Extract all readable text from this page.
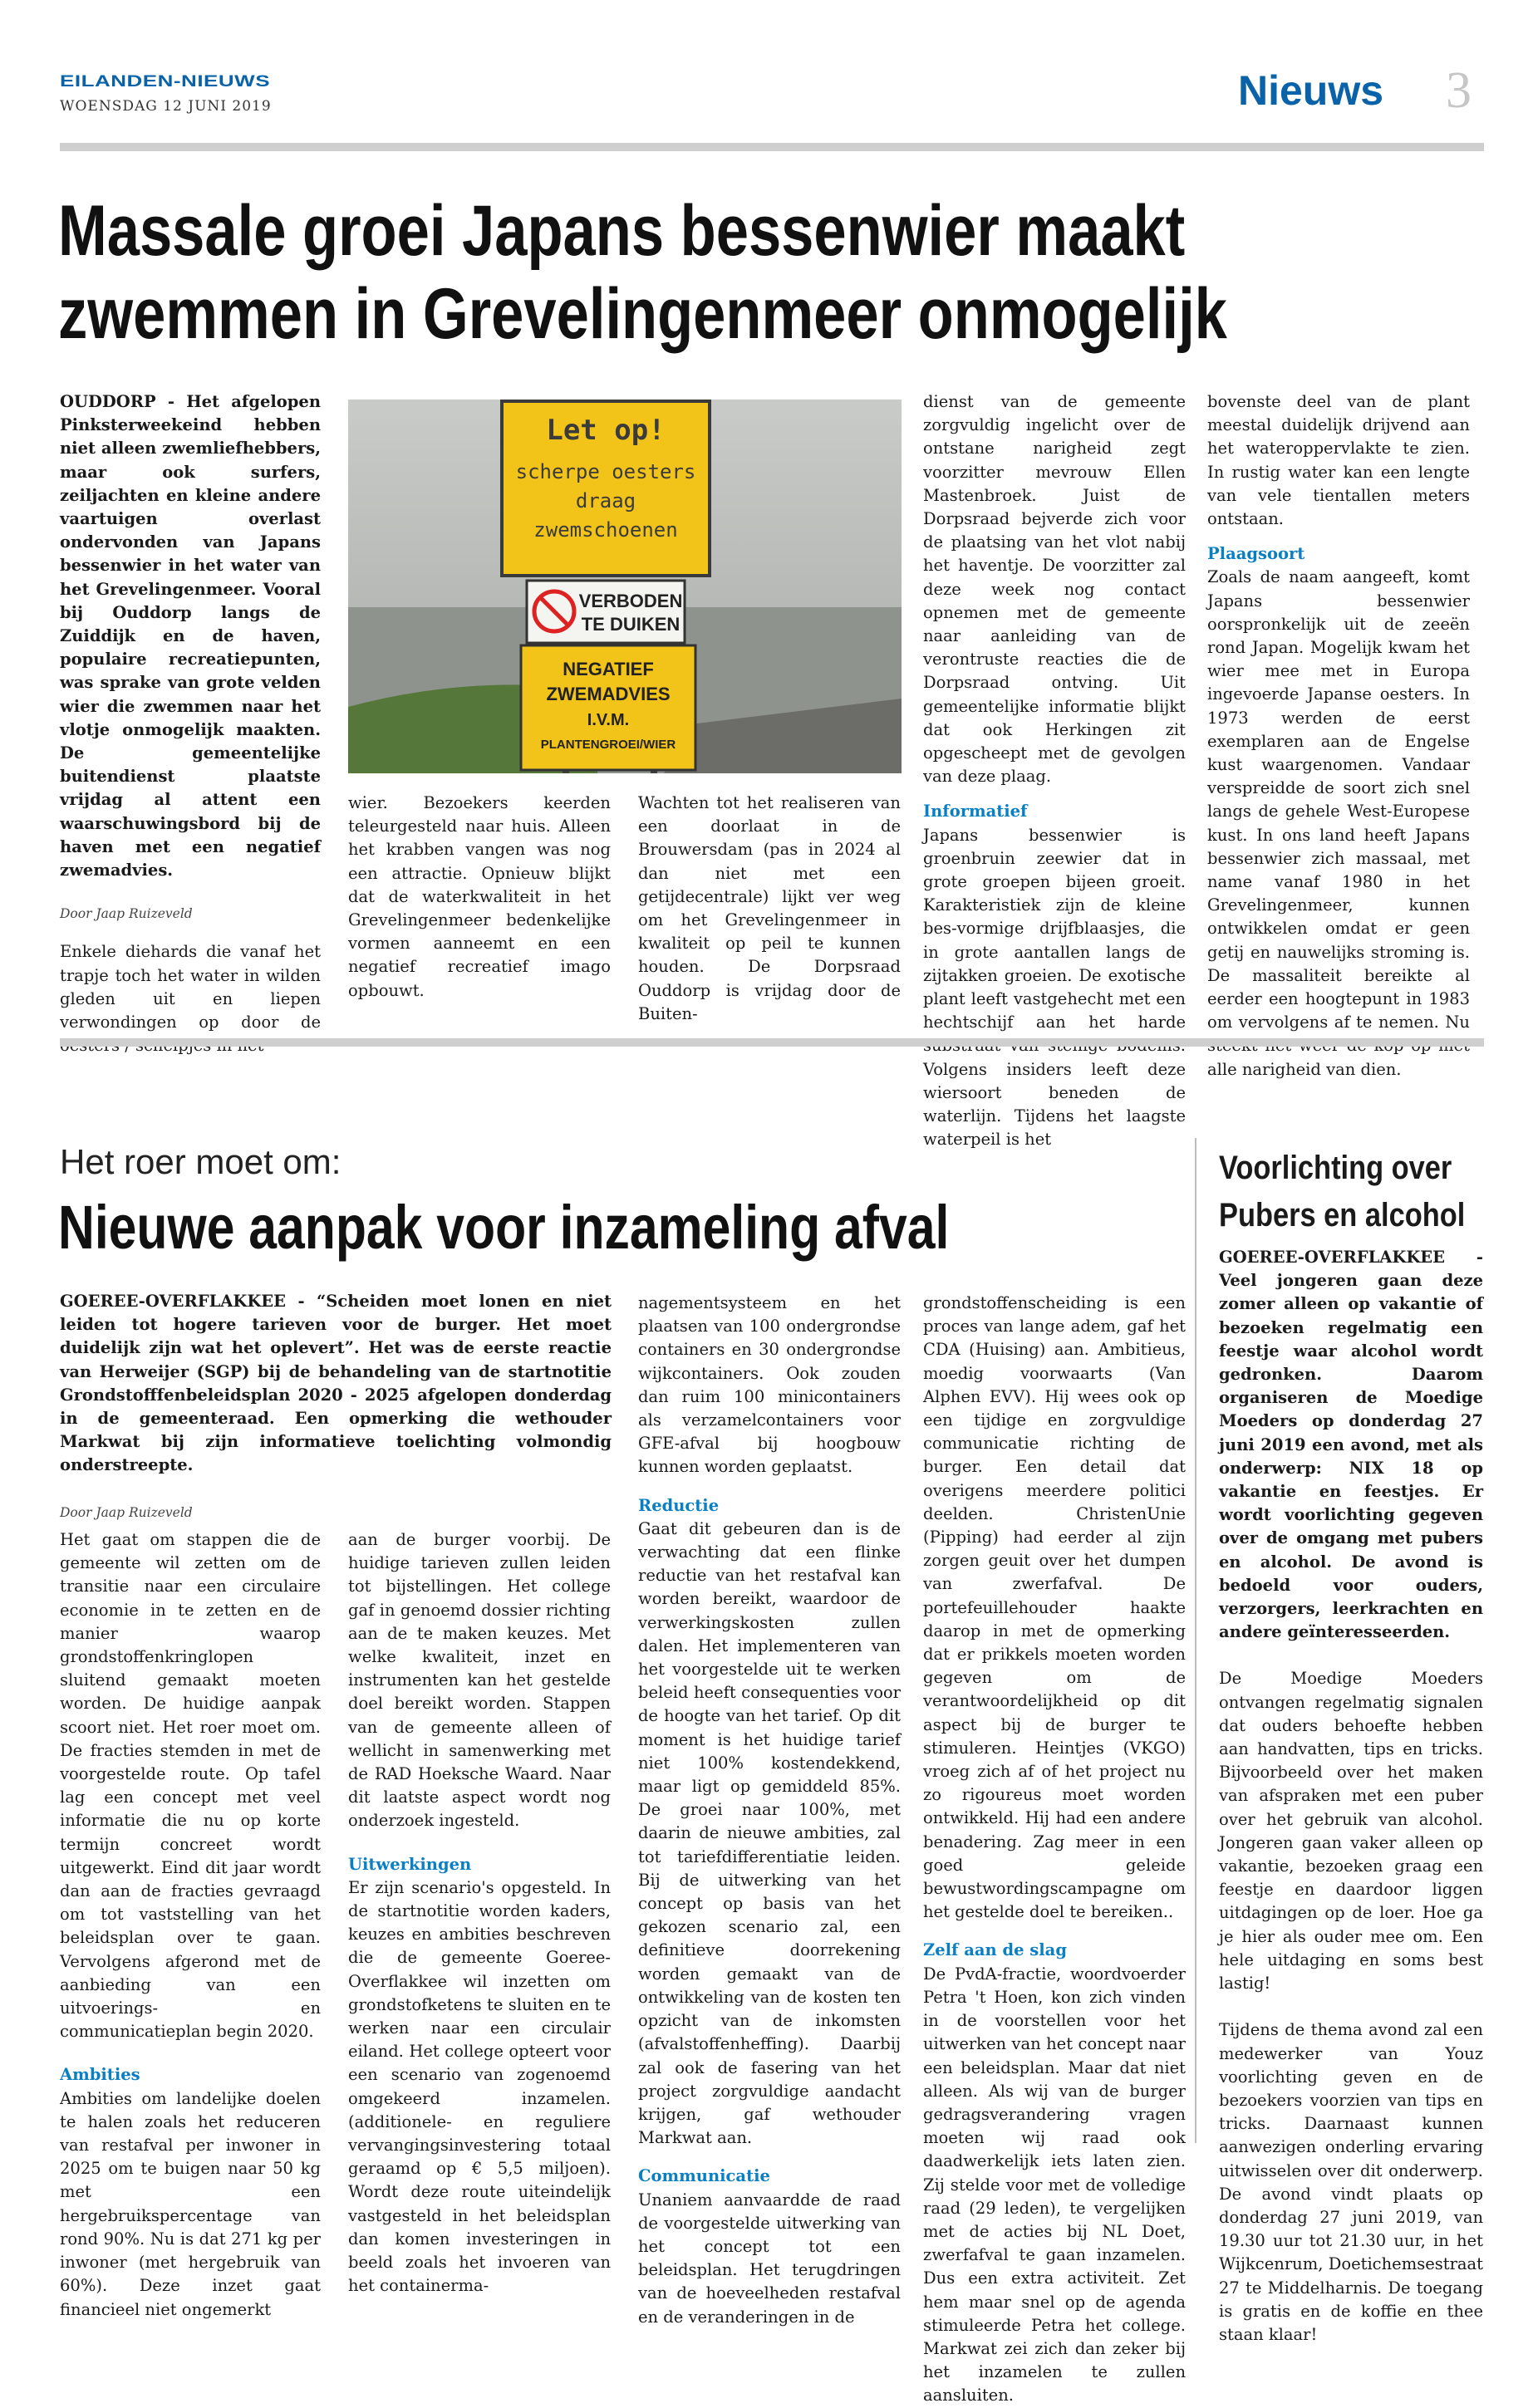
EILANDEN-NIEUWS
WOENSDAG 12 JUNI 2019	Nieuws 3
Massale groei Japans bessenwier maakt
zwemmen in Grevelingenmeer onmogelijk

OUDDORP - Het afgelopen Pinksterweekeind hebben niet alleen zwemliefhebbers, maar ook surfers, zeiljachten en kleine andere vaartuigen overlast ondervonden van Japans bessenwier in het water van het Grevelingenmeer. Vooral bij Ouddorp langs de Zuiddijk en de haven, populaire recreatiepunten, was sprake van grote velden wier die zwemmen naar het vlotje onmogelijk maakten. De gemeentelijke buitendienst plaatste vrijdag al attent een waarschuwingsbord bij de haven met een negatief zwemadvies.

Door Jaap Ruizeveld

Enkele diehards die vanaf het trapje toch het water in wilden gleden uit en liepen verwondingen op door de

Let op!
scherpe oesters
draag
zwemschoenen
VERBODEN
TE DUIKEN
NEGATIEF
ZWEMADVIES
I.V.M.
PLANTENGROEI/WIER

wier. Bezoekers keerden teleurgesteld naar huis. Alleen het krabben vangen was nog een attractie. Opnieuw blijkt dat de waterkwaliteit in het Grevelingenmeer bedenkelijke vormen aanneemt en een negatief recreatief imago opbouwt.

Wachten tot het realiseren van een doorlaat in de Brouwersdam (pas in 2024 al dan niet met een getijdecentrale) lijkt ver weg om het Grevelingenmeer in kwaliteit op peil te kunnen houden. De Dorpsraad Ouddorp is vrijdag door de Buiten-

dienst van de gemeente zorgvuldig ingelicht over de ontstane narigheid zegt voorzitter mevrouw Ellen Mastenbroek. Juist de Dorpsraad bejverde zich voor de plaatsing van het vlot nabij het haventje. De voorzitter zal deze week nog contact opnemen met de gemeente naar aanleiding van de verontruste reacties die de Dorpsraad ontving. Uit gemeentelijke informatie blijkt dat ook Herkingen zit opgescheept met de gevolgen van deze plaag.

Informatief

Japans bessenwier is groenbruin zeewier dat in grote groepen bijeen groeit. Karakteristiek zijn de kleine bes-vormige drijfblaasjes, die in grote aantallen langs de zijtakken groeien. De exotische plant leeft vastgehecht met een hechtschijf aan het harde Volgens insiders leeft deze wiersoort beneden de waterlijn. Tijdens het laagste waterpeil is het

bovenste deel van de plant meestal duidelijk drijvend aan het wateroppervlakte te zien. In rustig water kan een lengte van vele tientallen meters ontstaan.

Plaagsoort

Zoals de naam aangeeft, komt Japans bessenwier oorspronkelijk uit de zeeën rond Japan. Mogelijk kwam het wier mee met in Europa ingevoerde Japanse oesters. In 1973 werden de eerst exemplaren aan de Engelse kust waargenomen. Vandaar verspreidde de soort zich snel langs de gehele West-Europese kust. In ons land heeft Japans bessenwier zich massaal, met name vanaf 1980 in het Grevelingenmeer, kunnen ontwikkelen omdat er geen getij en nauwelijks stroming is. De massaliteit bereikte al eerder een hoogtepunt in 1983 om vervolgens af te nemen. Nu alle narigheid van dien.

Het roer moet om:
Nieuwe aanpak voor inzameling afval

GOEREE-OVERFLAKKEE - “Scheiden moet lonen en niet leiden tot hogere tarieven voor de burger. Het moet duidelijk zijn wat het oplevert”. Het was de eerste reactie van Herweijer (SGP) bij de behandeling van de startnotitie Grondstofffenbeleidsplan 2020 - 2025 afgelopen donderdag in de gemeenteraad. Een opmerking die wethouder Markwat bij zijn informatieve toelichting volmondig onderstreepte.

Door Jaap Ruizeveld

Het gaat om stappen die de gemeente wil zetten om de transitie naar een circulaire economie in te zetten en de manier waarop grondstoffenkringlopen sluitend gemaakt moeten worden. De huidige aanpak scoort niet. Het roer moet om. De fracties stemden in met de voorgestelde route. Op tafel lag een concept met veel informatie die nu op korte termijn concreet wordt uitgewerkt. Eind dit jaar wordt dan aan de fracties gevraagd om tot vaststelling van het beleidsplan over te gaan. Vervolgens afgerond met de aanbieding van een uitvoerings- en communicatieplan begin 2020.

Ambities

Ambities om landelijke doelen te halen zoals het reduceren van restafval per inwoner in 2025 om te buigen naar 50 kg met een hergebruikspercentage van rond 90%. Nu is dat 271 kg per inwoner (met hergebruik van 60%). Deze inzet gaat financieel niet ongemerkt

aan de burger voorbij. De huidige tarieven zullen leiden tot bijstellingen. Het college gaf in genoemd dossier richting aan de te maken keuzes. Met welke kwaliteit, inzet en instrumenten kan het gestelde doel bereikt worden. Stappen van de gemeente alleen of wellicht in samenwerking met de RAD Hoeksche Waard. Naar dit laatste aspect wordt nog onderzoek ingesteld.

Uitwerkingen

Er zijn scenario's opgesteld. In de startnotitie worden kaders, keuzes en ambities beschreven die de gemeente Goeree-Overflakkee wil inzetten om grondstofketens te sluiten en te werken naar een circulair eiland. Het college opteert voor een scenario van zogenoemd omgekeerd inzamelen. (additionele- en reguliere vervangingsinvestering totaal geraamd op € 5,5 miljoen). Wordt deze route uiteindelijk vastgesteld in het beleidsplan dan komen investeringen in beeld zoals het invoeren van het containerma-

nagementsysteem en het plaatsen van 100 ondergrondse containers en 30 ondergrondse wijkcontainers. Ook zouden dan ruim 100 minicontainers als verzamelcontainers voor GFE-afval bij hoogbouw kunnen worden geplaatst.

Reductie

Gaat dit gebeuren dan is de verwachting dat een flinke reductie van het restafval kan worden bereikt, waardoor de verwerkingskosten zullen dalen. Het implementeren van het voorgestelde uit te werken beleid heeft consequenties voor de hoogte van het tarief. Op dit moment is het huidige tarief niet 100% kostendekkend, maar ligt op gemiddeld 85%. De groei naar 100%, met daarin de nieuwe ambities, zal tot tariefdifferentiatie leiden. Bij de uitwerking van het concept op basis van het gekozen scenario zal, een definitieve doorrekening worden gemaakt van de ontwikkeling van de kosten ten opzicht van de inkomsten (afvalstoffenheffing). Daarbij zal ook de fasering van het project zorgvuldige aandacht krijgen, gaf wethouder Markwat aan.

Communicatie

Unaniem aanvaardde de raad de voorgestelde uitwerking van het concept tot een beleidsplan. Het terugdringen van de hoeveelheden restafval en de veranderingen in de

grondstoffenscheiding is een proces van lange adem, gaf het CDA (Huising) aan. Ambitieus, moedig voorwaarts (Van Alphen EVV). Hij wees ook op een tijdige en zorgvuldige communicatie richting de burger. Een detail dat overigens meerdere politici deelden. ChristenUnie (Pipping) had eerder al zijn zorgen geuit over het dumpen van zwerfafval. De portefeuillehouder haakte daarop in met de opmerking dat er prikkels moeten worden gegeven om de verantwoordelijkheid op dit aspect bij de burger te stimuleren. Heintjes (VKGO) vroeg zich af of het project nu zo rigoureus moet worden ontwikkeld. Hij had een andere benadering. Zag meer in een goed geleide bewustwordingscampagne om het gestelde doel te bereiken..

Zelf aan de slag

De PvdA-fractie, woordvoerder Petra 't Hoen, kon zich vinden in de voorstellen voor het uitwerken van het concept naar een beleidsplan. Maar dat niet alleen. Als wij van de burger gedragsverandering vragen moeten wij raad ook daadwerkelijk iets laten zien. Zij stelde voor met de volledige raad (29 leden), te vergelijken met de acties bij NL Doet, zwerfafval te gaan inzamelen. Dus een extra activiteit. Zet hem maar snel op de agenda stimuleerde Petra het college. Markwat zei zich dan zeker bij het inzamelen te zullen aansluiten.

Voorlichting over
Pubers en alcohol

GOEREE-OVERFLAKKEE - Veel jongeren gaan deze zomer alleen op vakantie of bezoeken regelmatig een feestje waar alcohol wordt gedronken. Daarom organiseren de Moedige Moeders op donderdag 27 juni 2019 een avond, met als onderwerp: NIX 18 op vakantie en feestjes. Er wordt voorlichting gegeven over de omgang met pubers en alcohol. De avond is bedoeld voor ouders, verzorgers, leerkrachten en andere geïnteresseerden.

De Moedige Moeders ontvangen regelmatig signalen dat ouders behoefte hebben aan handvatten, tips en tricks. Bijvoorbeeld over het maken van afspraken met een puber over het gebruik van alcohol. Jongeren gaan vaker alleen op vakantie, bezoeken graag een feestje en daardoor liggen uitdagingen op de loer. Hoe ga je hier als ouder mee om. Een hele uitdaging en soms best lastig!

Tijdens de thema avond zal een medewerker van Youz voorlichting geven en de bezoekers voorzien van tips en tricks. Daarnaast kunnen aanwezigen onderling ervaring uitwisselen over dit onderwerp. De avond vindt plaats op donderdag 27 juni 2019, van 19.30 uur tot 21.30 uur, in het Wijkcenrum, Doetichemsestraat 27 te Middelharnis. De toegang is gratis en de koffie en thee staan klaar!
